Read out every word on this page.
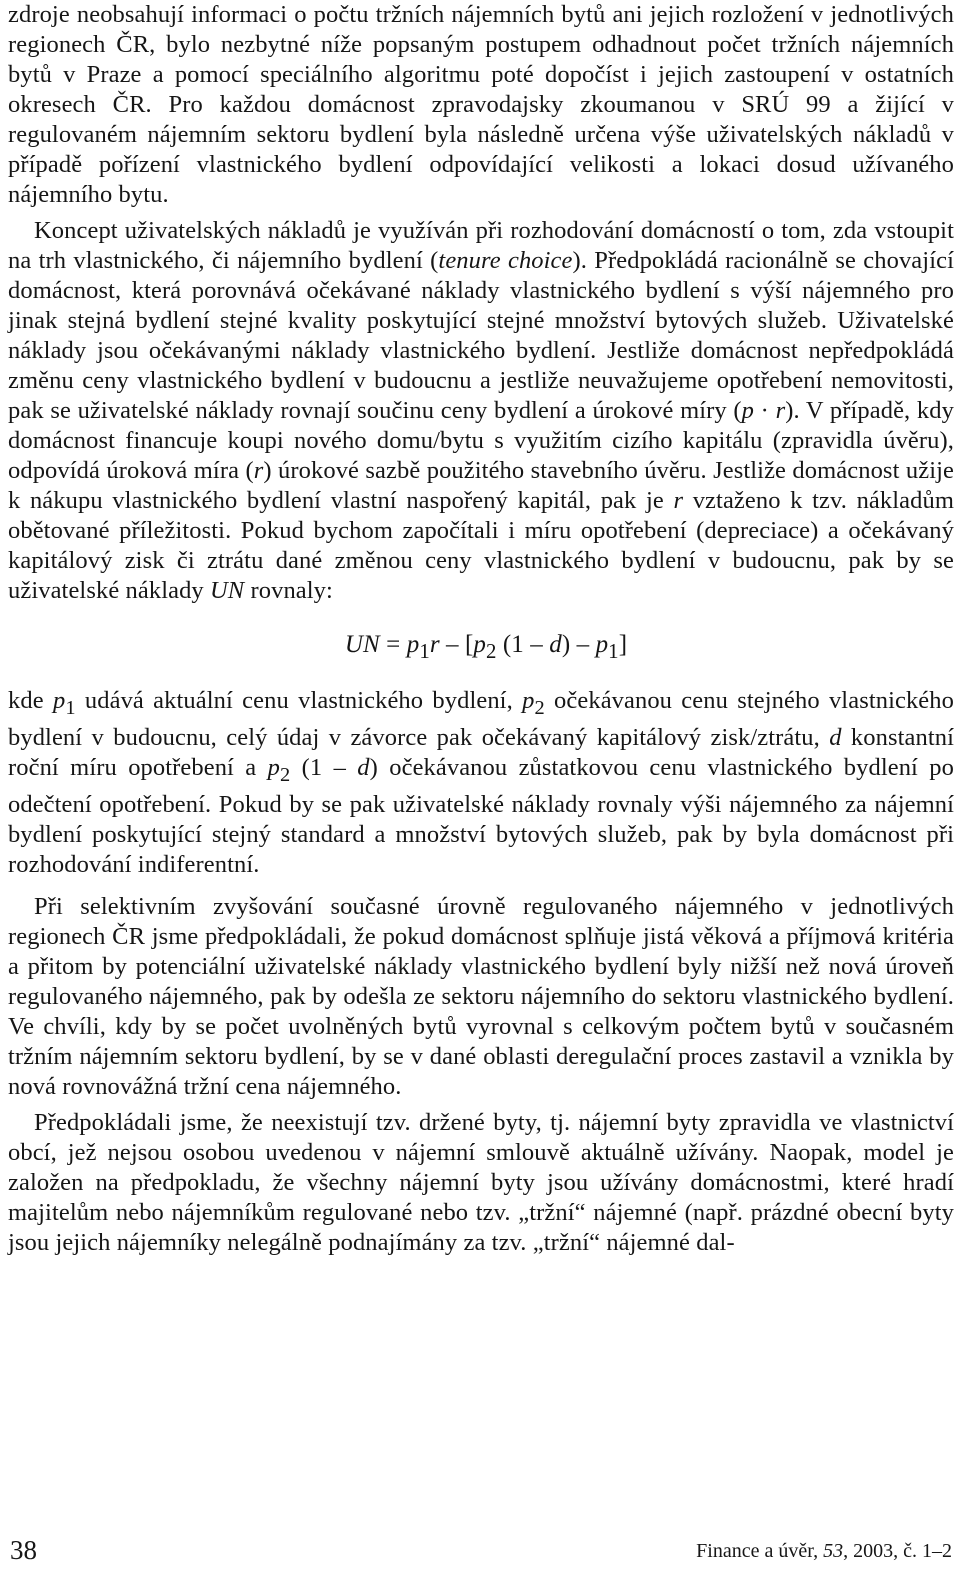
zdroje neobsahují informaci o počtu tržních nájemních bytů ani jejich rozložení v jednotlivých regionech ČR, bylo nezbytné níže popsaným postupem odhadnout počet tržních nájemních bytů v Praze a pomocí speciálního algoritmu poté dopočíst i jejich zastoupení v ostatních okresech ČR. Pro každou domácnost zpravodajsky zkoumanou v SRÚ 99 a žijící v regulovaném nájemním sektoru bydlení byla následně určena výše uživatelských nákladů v případě pořízení vlastnického bydlení odpovídající velikosti a lokaci dosud užívaného nájemního bytu.

Koncept uživatelských nákladů je využíván při rozhodování domácností o tom, zda vstoupit na trh vlastnického, či nájemního bydlení (tenure choice). Předpokládá racionálně se chovající domácnost, která porovnává očekávané náklady vlastnického bydlení s výší nájemného pro jinak stejná bydlení stejné kvality poskytující stejné množství bytových služeb. Uživatelské náklady jsou očekávanými náklady vlastnického bydlení. Jestliže domácnost nepředpokládá změnu ceny vlastnického bydlení v budoucnu a jestliže neuvažujeme opotřebení nemovitosti, pak se uživatelské náklady rovnají součinu ceny bydlení a úrokové míry (p · r). V případě, kdy domácnost financuje koupi nového domu/bytu s využitím cizího kapitálu (zpravidla úvěru), odpovídá úroková míra (r) úrokové sazbě použitého stavebního úvěru. Jestliže domácnost užije k nákupu vlastnického bydlení vlastní naspořený kapitál, pak je r vztaženo k tzv. nákladům obětované příležitosti. Pokud bychom započítali i míru opotřebení (depreciace) a očekávaný kapitálový zisk či ztrátu dané změnou ceny vlastnického bydlení v budoucnu, pak by se uživatelské náklady UN rovnaly:

UN = $p_1r - [p_2$ $(1 - d) - p_1$]

kde $p_1$ udává aktuální cenu vlastnického bydlení, $p_2$ očekávanou cenu stejného vlastnického bydlení v budoucnu, celý údaj v závorce pak očekávaný kapitálový zisk/ztrátu, d konstantní roční míru opotřebení a $p_2$ (1 – d) očekávanou zůstatkovou cenu vlastnického bydlení po odečtení opotřebení. Pokud by se pak uživatelské náklady rovnaly výši nájemného za nájemní bydlení poskytující stejný standard a množství bytových služeb, pak by byla domácnost při rozhodování indiferentní.

Při selektivním zvyšování současné úrovně regulovaného nájemného v jednotlivých regionech ČR jsme předpokládali, že pokud domácnost splňuje jistá věková a příjmová kritéria a přitom by potenciální uživatelské náklady vlastnického bydlení byly nižší než nová úroveň regulovaného nájemného, pak by odešla ze sektoru nájemního do sektoru vlastnického bydlení. Ve chvíli, kdy by se počet uvolněných bytů vyrovnal s celkovým počtem bytů v současném tržním nájemním sektoru bydlení, by se v dané oblasti deregulační proces zastavil a vznikla by nová rovnovážná tržní cena nájemného.

Předpokládali jsme, že neexistují tzv. držené byty, tj. nájemní byty zpravidla ve vlastnictví obcí, jež nejsou osobou uvedenou v nájemní smlouvě aktuálně užívány. Naopak, model je založen na předpokladu, že všechny nájemní byty jsou užívány domácnostmi, které hradí majitelům nebo nájemníkům regulované nebo tzv. „tržní“ nájemné (např. prázdné obecní byty jsou jejich nájemníky nelegálně podnajímány za tzv. „tržní“ nájemné dal-

38	Finance a úvěr, 53, 2003, č. 1–2
